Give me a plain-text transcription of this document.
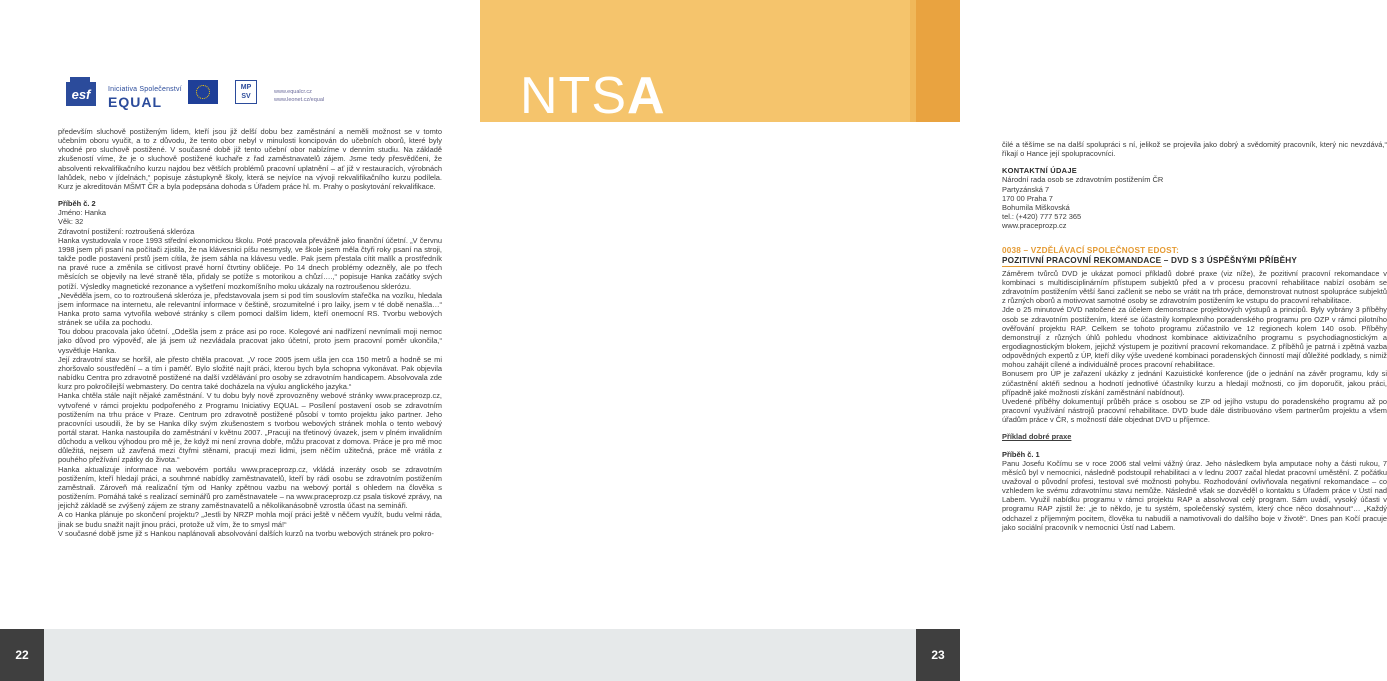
esf	Iniciativa Společenství
EQUAL
MP
SV
www.equalcr.cz
www.leonet.cz/equal

především sluchově postiženým lidem, kteří jsou již delší dobu bez zaměstnání a neměli možnost se v tomto učebním oboru vyučit, a to z důvodu, že tento obor nebyl v minulosti koncipován do učebních oborů, které byly vhodné pro sluchově postižené. V současné době již tento učební obor nabízíme v denním studiu. Na základě zkušeností víme, že je o sluchově postižené kuchaře z řad zaměstnavatelů zájem. Jsme tedy přesvědčeni, že absolventi rekvalifikačního kurzu najdou bez větších problémů pracovní uplatnění – ať již v restauracích, výrobnách lahůdek, nebo v jídelnách,“ popisuje zástupkyně školy, která se nejvíce na vývoji rekvalifikačního kurzu podílela. Kurz je akreditován MŠMT ČR a byla podepsána dohoda s Úřadem práce hl. m. Prahy o poskytování rekvalifikace.

Příběh č. 2
Jméno: Hanka
Věk: 32
Zdravotní postižení: roztroušená skleróza

Hanka vystudovala v roce 1993 střední ekonomickou školu. Poté pracovala převážně jako finanční účetní. „V červnu 1998 jsem při psaní na počítači zjistila, že na klávesnici píšu nesmysly, ve škole jsem měla čtyři roky psaní na stroji, takže podle postavení prstů jsem cítila, že jsem sáhla na klávesu vedle. Pak jsem přestala cítit malík a prostředník na pravé ruce a změnila se citlivost pravé horní čtvrtiny obličeje. Po 14 dnech problémy odezněly, ale po třech měsících se objevily na levé straně těla, přidaly se potíže s motorikou a chůzí….,“ popisuje Hanka začátky svých potíží. Výsledky magnetické rezonance a vyšetření mozkomíšního moku ukázaly na roztroušenou sklerózu.

„Nevěděla jsem, co to roztroušená skleróza je, představovala jsem si pod tím souslovím stařečka na vozíku, hledala jsem informace na internetu, ale relevantní informace v češtině, srozumitelné i pro laiky, jsem v té době nenašla…“ Hanka proto sama vytvořila webové stránky s cílem pomoci dalším lidem, kteří onemocní RS. Tvorbu webových stránek se učila za pochodu.

Tou dobou pracovala jako účetní. „Odešla jsem z práce asi po roce. Kolegové ani nadřízení nevnímali moji nemoc jako důvod pro výpověď, ale já jsem už nezvládala pracovat jako účetní, proto jsem pracovní poměr ukončila,“ vysvětluje Hanka.

Její zdravotní stav se horšil, ale přesto chtěla pracovat. „V roce 2005 jsem ušla jen cca 150 metrů a hodně se mi zhoršovalo soustředění – a tím i paměť. Bylo složité najít práci, kterou bych byla schopna vykonávat. Pak objevila nabídku Centra pro zdravotně postižené na další vzdělávání pro osoby se zdravotním handicapem. Absolvovala zde kurz pro pokročilejší webmastery. Do centra také docházela na výuku anglického jazyka.“

Hanka chtěla stále najít nějaké zaměstnání. V tu dobu byly nově zprovozněny webové stránky www.praceprozp.cz, vytvořené v rámci projektu podpořeného z Programu Iniciativy EQUAL – Posílení postavení osob se zdravotním postižením na trhu práce v Praze. Centrum pro zdravotně postižené působí v tomto projektu jako partner. Jeho pracovníci usoudili, že by se Hanka díky svým zkušenostem s tvorbou webových stránek mohla o tento webový portál starat. Hanka nastoupila do zaměstnání v květnu 2007. „Pracuji na třetinový úvazek, jsem v plném invalidním důchodu a velkou výhodou pro mě je, že když mi není zrovna dobře, můžu pracovat z domova. Práce je pro mě moc důležitá, nejsem už zavřená mezi čtyřmi stěnami, pracuji mezi lidmi, jsem něčím užitečná, práce mě vrátila z pouhého přežívání zpátky do života.“

Hanka aktualizuje informace na webovém portálu www.praceprozp.cz, vkládá inzeráty osob se zdravotním postižením, kteří hledají práci, a souhrnné nabídky zaměstnavatelů, kteří by rádi osobu se zdravotním postižením zaměstnali. Zároveň má realizační tým od Hanky zpětnou vazbu na webový portál s ohledem na člověka s postižením. Pomáhá také s realizací seminářů pro zaměstnavatele – na www.praceprozp.cz psala tiskové zprávy, na jejichž základě se zvýšený zájem ze strany zaměstnavatelů a několikanásobně vzrostla účast na semináři.

A co Hanka plánuje po skončení projektu? „Jestli by NRZP mohla mojí práci ještě v něčem využít, budu velmi ráda, jinak se budu snažit najít jinou práci, protože už vím, že to smysl má!“

V současné době jsme již s Hankou naplánovali absolvování dalších kurzů na tvorbu webových stránek pro pokro-

22
NTSA	NTSA

čilé a těšíme se na další spolupráci s ní, jelikož se projevila jako dobrý a svědomitý pracovník, který nic nevzdává,“ říkají o Hance její spolupracovníci.

KONTAKTNÍ ÚDAJE
Národní rada osob se zdravotním postižením ČR
Partyzánská 7
170 00 Praha 7
Bohumila Miškovská
tel.: (+420) 777 572 365
www.praceprozp.cz
0038 – VZDĚLÁVACÍ SPOLEČNOST EDOST:
POZITIVNÍ PRACOVNÍ REKOMANDACE – DVD S 3 ÚSPĚŠNÝMI PŘÍBĚHY

Záměrem tvůrců DVD je ukázat pomocí příkladů dobré praxe (viz níže), že pozitivní pracovní rekomandace v kombinaci s multidisciplinárním přístupem subjektů před a v procesu pracovní rehabilitace nabízí osobám se zdravotním postižením větší šanci začlenit se nebo se vrátit na trh práce, demonstrovat nutnost spolupráce subjektů z různých oborů a motivovat samotné osoby se zdravotním postižením ke vstupu do pracovní rehabilitace.

Jde o 25 minutové DVD natočené za účelem demonstrace projektových výstupů a principů. Byly vybrány 3 příběhy osob se zdravotním postižením, které se účastnily komplexního poradenského programu pro OZP v rámci pilotního ověřování projektu RAP. Celkem se tohoto programu zúčastnilo ve 12 regionech kolem 140 osob. Příběhy demonstrují z různých úhlů pohledu vhodnost kombinace aktivizačního programu s psychodiagnostickým a ergodiagnostickým blokem, jejichž výstupem je pozitivní pracovní rekomandace. Z příběhů je patrná i zpětná vazba odpovědných expertů z ÚP, kteří díky výše uvedené kombinaci poradenských činností mají důležité podklady, s nimiž mohou zahájit cílené a individuálně proces pracovní rehabilitace.

Bonusem pro ÚP je zařazení ukázky z jednání Kazuistické konference (jde o jednání na závěr programu, kdy si zúčastnění aktéři sednou a hodnotí jednotlivé účastníky kurzu a hledají možnosti, co jim doporučit, jakou práci, případně jaké možnosti získání zaměstnání nabídnout).

Uvedené příběhy dokumentují průběh práce s osobou se ZP od jejího vstupu do poradenského programu až po pracovní využívání nástrojů pracovní rehabilitace. DVD bude dále distribuováno všem partnerům projektu a všem úřadům práce v ČR, s možností dále objednat DVD u příjemce.

Příklad dobré praxe
Příběh č. 1

Panu Josefu Kočímu se v roce 2006 stal velmi vážný úraz. Jeho následkem byla amputace nohy a části rukou, 7 měsíců byl v nemocnici, následně podstoupil rehabilitaci a v lednu 2007 začal hledat pracovní uměstění. Z počátku uvažoval o původní profesi, testoval své možnosti pohybu. Rozhodování ovlivňovala negativní rekomandace – co vzhledem ke svému zdravotnímu stavu nemůže. Následně však se dozvěděl o kontaktu s Úřadem práce v Ústí nad Labem. Využil nabídku programu v rámci projektu RAP a absolvoval celý program. Sám uvádí, vysoký účasti v programu RAP zjistil že: „je to někdo, je tu systém, společenský systém, který chce něco dosahnout“… „Každý odchazel z příjemným pocitem, člověka tu nabudili a namotivovali do dalšího boje v životě“. Dnes pan Kočí pracuje jako sociální pracovník v nemocnici Ústí nad Labem.

23
